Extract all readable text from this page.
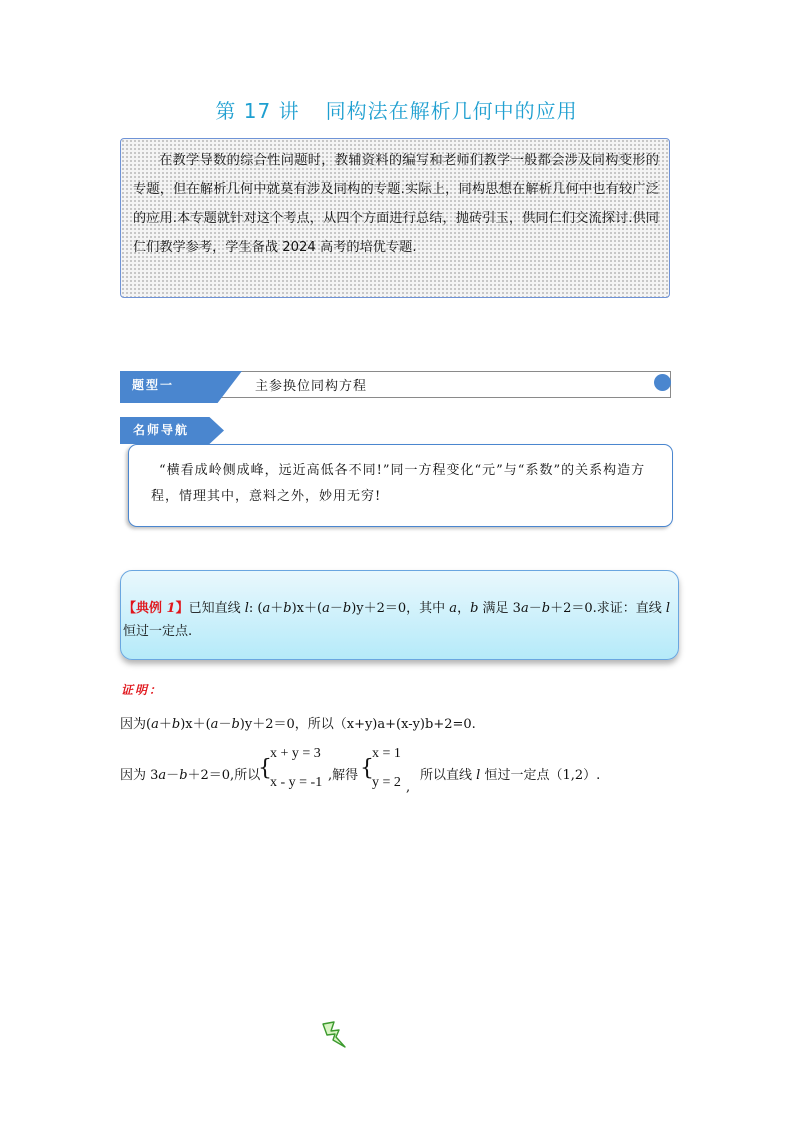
第 17 讲 同构法在解析几何中的应用
在教学导数的综合性问题时，教辅资料的编写和老师们教学一般都会涉及同构变形的专题，但在解析几何中就莫有涉及同构的专题.实际上，同构思想在解析几何中也有较广泛的应用.本专题就针对这个考点，从四个方面进行总结，抛砖引玉，供同仁们交流探讨.供同仁们教学参考，学生备战 2024 高考的培优专题.
题型一	主参换位同构方程
名师导航
“横看成岭侧成峰，远近高低各不同!”同一方程变化“元”与“系数”的关系构造方程，情理其中，意料之外，妙用无穷!
【典例 1】已知直线 l: (a＋b)x＋(a－b)y＋2＝0，其中 a，b 满足 3a－b＋2＝0.求证：直线 l
恒过一定点.
证明：
因为(a＋b)x＋(a－b)y＋2＝0，所以（x+y)a+(x-y)b+2=0.
因为 3a－b＋2＝0,所以
{
x + y = 3
x - y = -1 ,解得 {
x = 1
y = 2 ,
所以直线 l 恒过一定点（1,2）.
